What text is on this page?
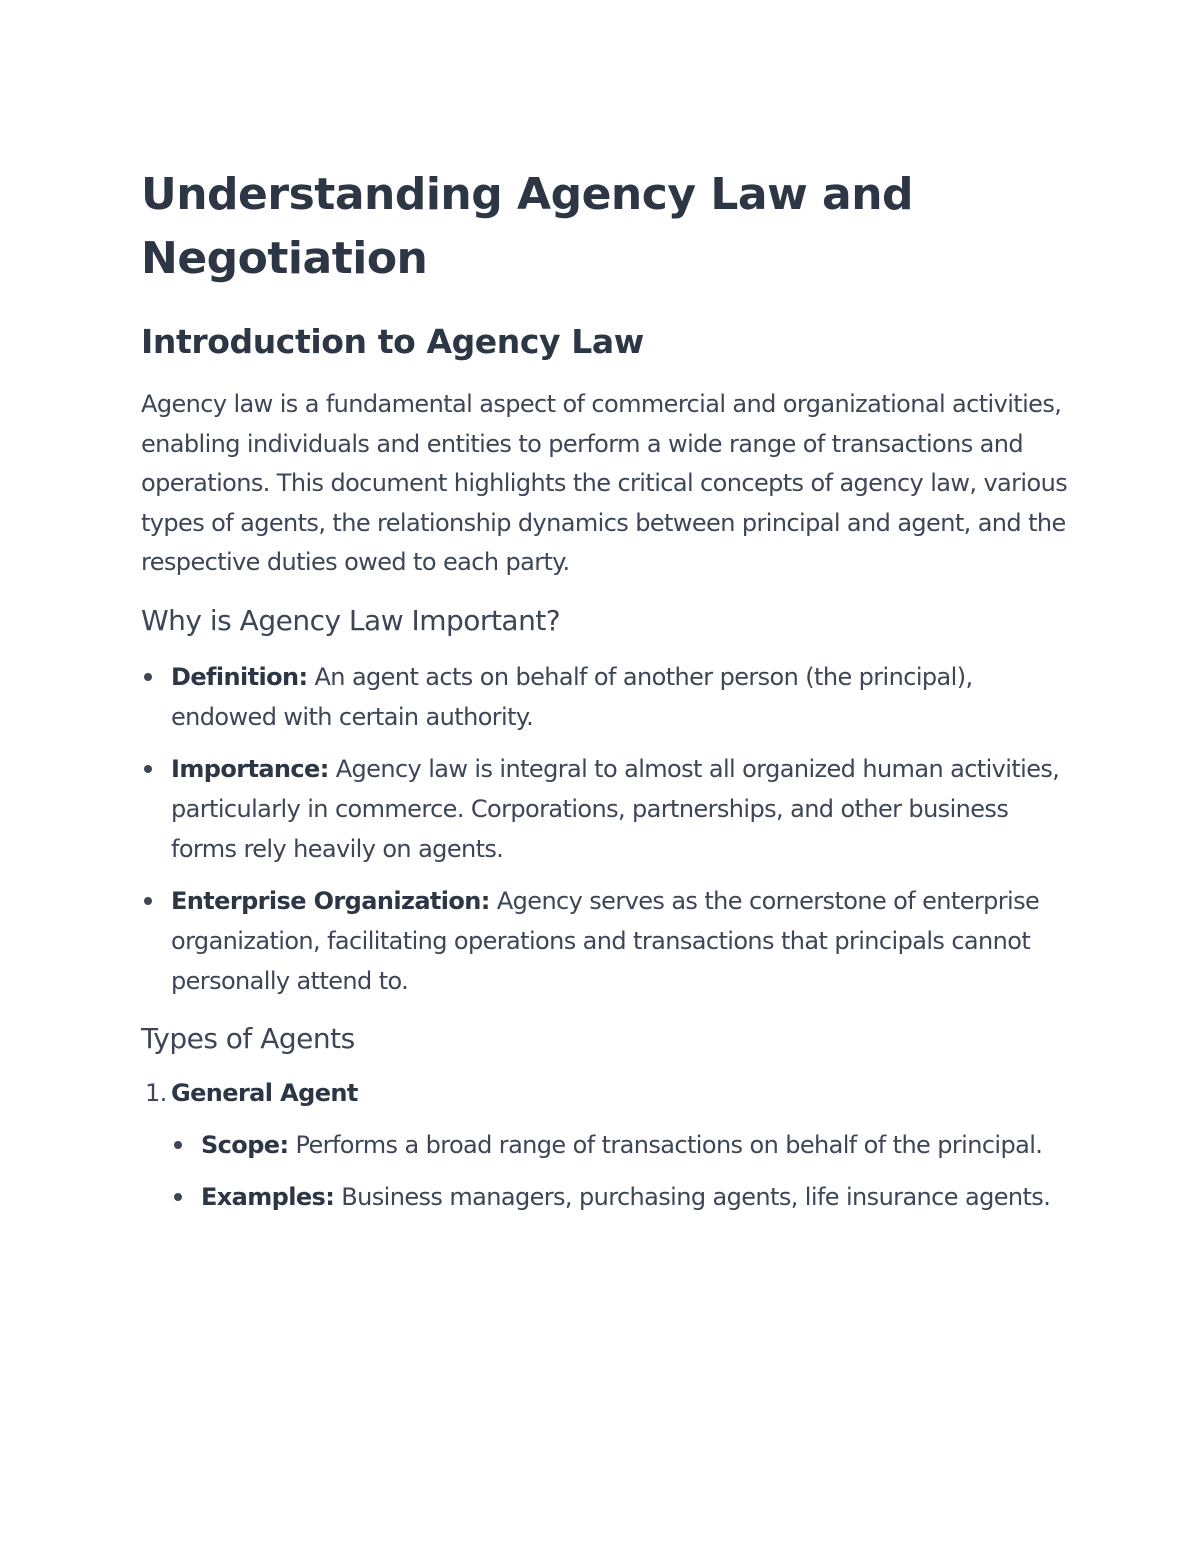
Understanding Agency Law and Negotiation
Introduction to Agency Law

Agency law is a fundamental aspect of commercial and organizational activities, enabling individuals and entities to perform a wide range of transactions and operations. This document highlights the critical concepts of agency law, various types of agents, the relationship dynamics between principal and agent, and the respective duties owed to each party.

Why is Agency Law Important?
Definition: An agent acts on behalf of another person (the principal), endowed with certain authority.
Importance: Agency law is integral to almost all organized human activities, particularly in commerce. Corporations, partnerships, and other business forms rely heavily on agents.
Enterprise Organization: Agency serves as the cornerstone of enterprise organization, facilitating operations and transactions that principals cannot personally attend to.
Types of Agents
1. General Agent
Scope: Performs a broad range of transactions on behalf of the principal.
Examples: Business managers, purchasing agents, life insurance agents.
